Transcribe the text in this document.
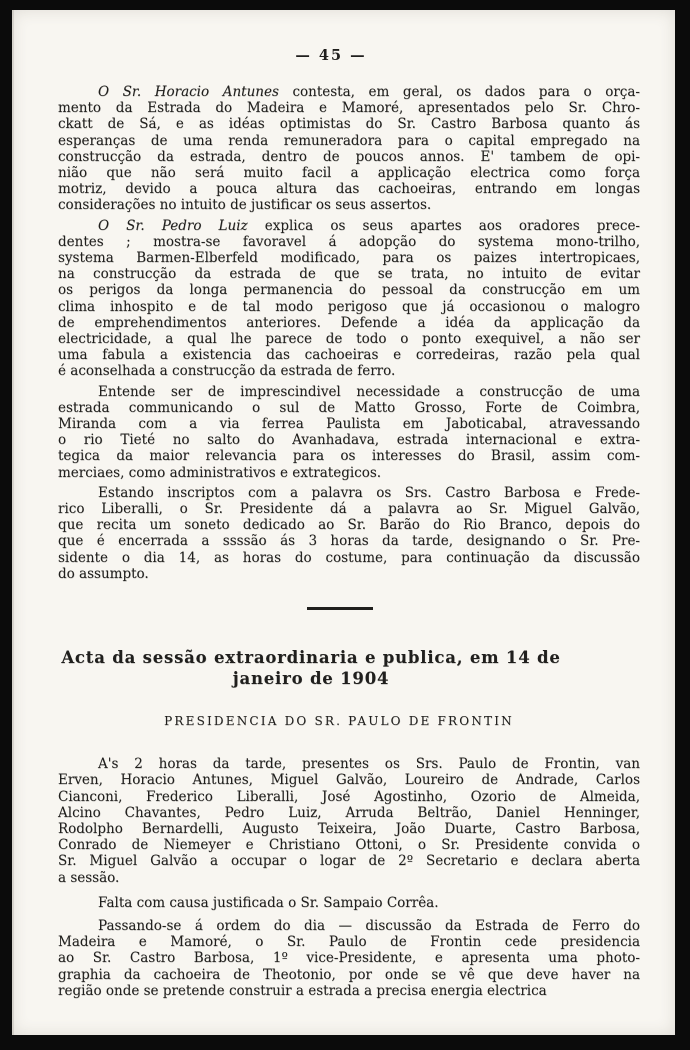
— 45 —
O Sr. Horacio Antunes contesta, em geral, os dados para o orça-
mento da Estrada do Madeira e Mamoré, apresentados pelo Sr. Chro-
ckatt de Sá, e as idéas optimistas do Sr. Castro Barbosa quanto ás
esperanças de uma renda remuneradora para o capital empregado na
construcção da estrada, dentro de poucos annos. E' tambem de opi-
nião que não será muito facil a applicação electrica como força
motriz, devido a pouca altura das cachoeiras, entrando em longas
considerações no intuito de justificar os seus assertos.
O Sr. Pedro Luiz explica os seus apartes aos oradores prece-
dentes ; mostra-se favoravel á adopção do systema mono-trilho,
systema Barmen-Elberfeld modificado, para os paizes intertropicaes,
na construcção da estrada de que se trata, no intuito de evitar
os perigos da longa permanencia do pessoal da construcção em um
clima inhospito e de tal modo perigoso que já occasionou o malogro
de emprehendimentos anteriores. Defende a idéa da applicação da
electricidade, a qual lhe parece de todo o ponto exequivel, a não ser
uma fabula a existencia das cachoeiras e corredeiras, razão pela qual
é aconselhada a construcção da estrada de ferro.
Entende ser de imprescindivel necessidade a construcção de uma
estrada communicando o sul de Matto Grosso, Forte de Coimbra,
Miranda com a via ferrea Paulista em Jaboticabal, atravessando
o rio Tieté no salto do Avanhadava, estrada internacional e extra-
tegica da maior relevancia para os interesses do Brasil, assim com-
merciaes, como administrativos e extrategicos.
Estando inscriptos com a palavra os Srs. Castro Barbosa e Frede-
rico Liberalli, o Sr. Presidente dá a palavra ao Sr. Miguel Galvão,
que recita um soneto dedicado ao Sr. Barão do Rio Branco, depois do
que é encerrada a ssssão ás 3 horas da tarde, designando o Sr. Pre-
sidente o dia 14, as horas do costume, para continuação da discussão
do assumpto.
Acta da sessão extraordinaria e publica, em 14 de
janeiro de 1904
PRESIDENCIA DO SR. PAULO DE FRONTIN
A's 2 horas da tarde, presentes os Srs. Paulo de Frontin, van
Erven, Horacio Antunes, Miguel Galvão, Loureiro de Andrade, Carlos
Cianconi, Frederico Liberalli, José Agostinho, Ozorio de Almeida,
Alcino Chavantes, Pedro Luiz, Arruda Beltrão, Daniel Henninger,
Rodolpho Bernardelli, Augusto Teixeira, João Duarte, Castro Barbosa,
Conrado de Niemeyer e Christiano Ottoni, o Sr. Presidente convida o
Sr. Miguel Galvão a occupar o logar de 2º Secretario e declara aberta
a sessão.
Falta com causa justificada o Sr. Sampaio Corrêa.
Passando-se á ordem do dia — discussão da Estrada de Ferro do
Madeira e Mamoré, o Sr. Paulo de Frontin cede presidencia
ao Sr. Castro Barbosa, 1º vice-Presidente, e apresenta uma photo-
graphia da cachoeira de Theotonio, por onde se vê que deve haver na
região onde se pretende construir a estrada a precisa energia electrica
